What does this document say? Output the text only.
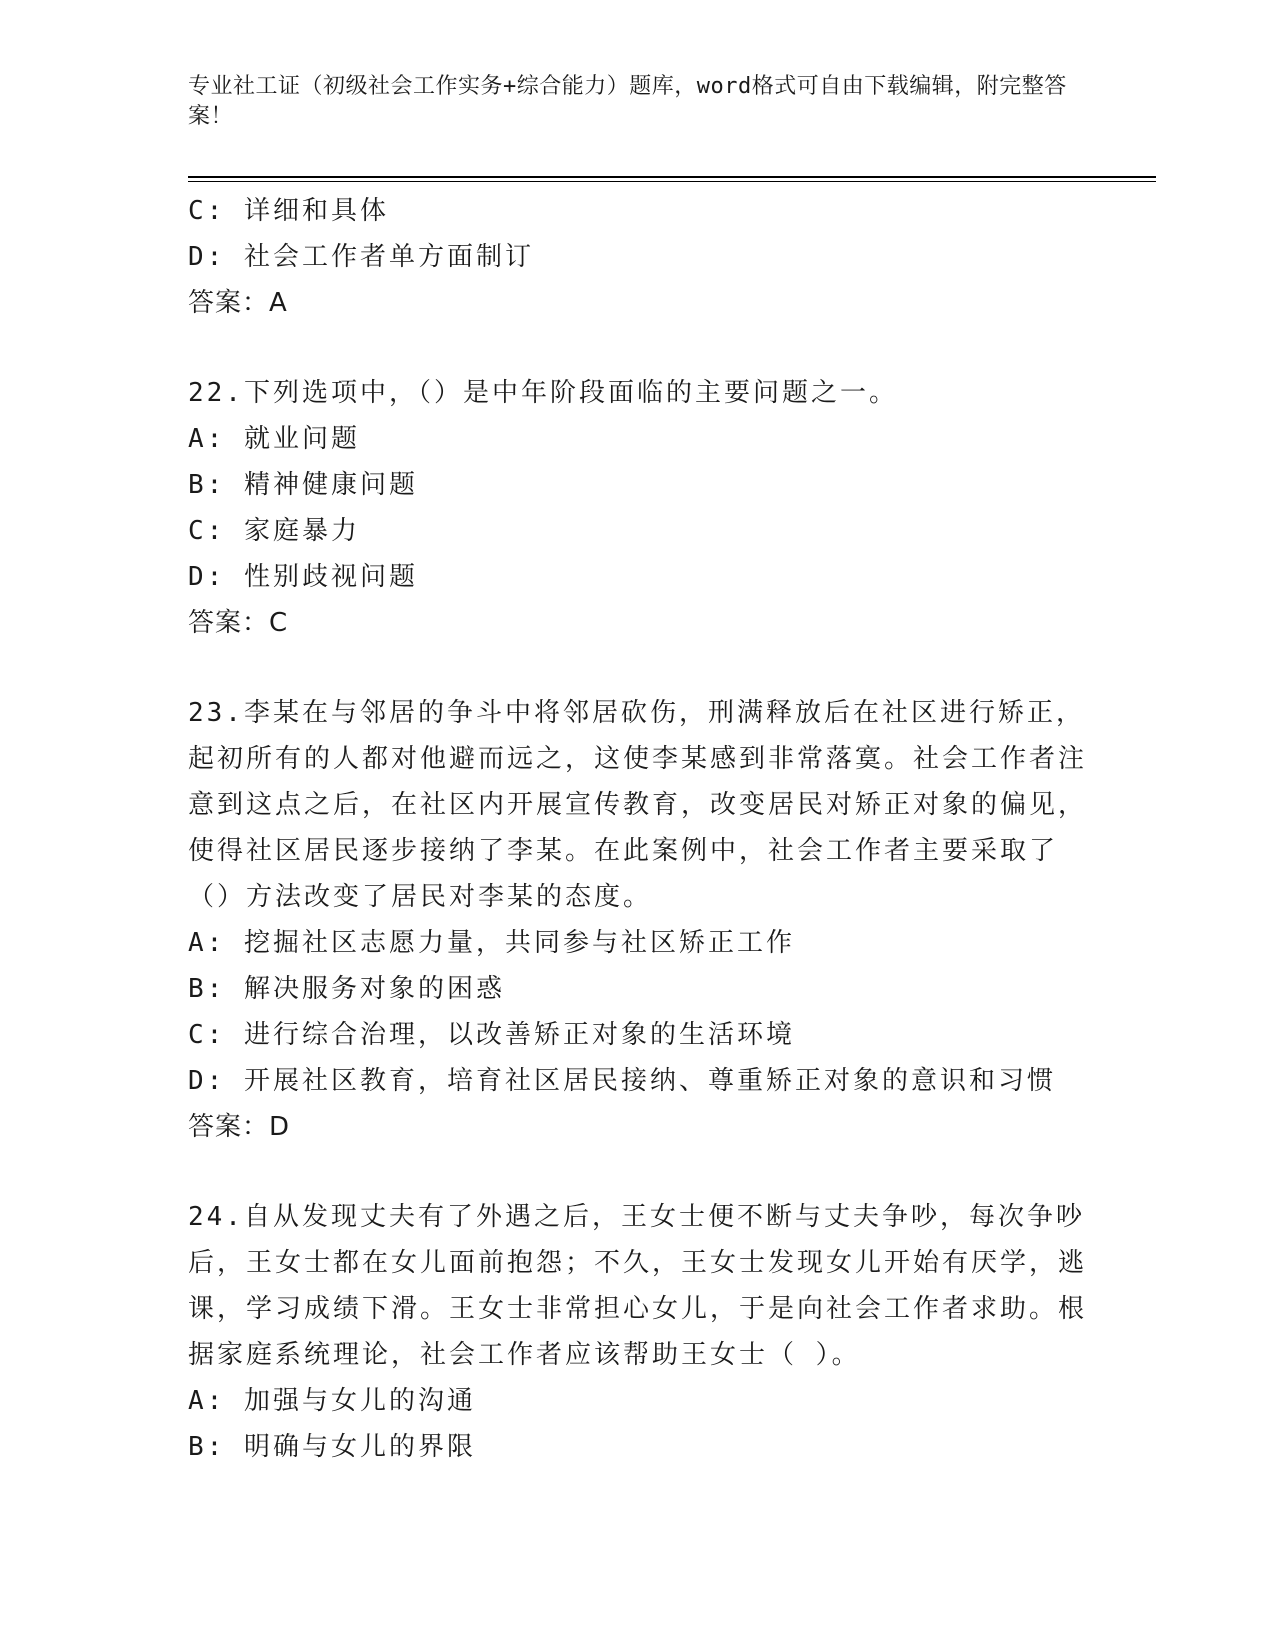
专业社工证（初级社会工作实务+综合能力）题库，word格式可自由下载编辑，附完整答案！
C: 详细和具体
D: 社会工作者单方面制订
答案：A
22.下列选项中，（）是中年阶段面临的主要问题之一。
A: 就业问题
B: 精神健康问题
C: 家庭暴力
D: 性别歧视问题
答案：C
23.李某在与邻居的争斗中将邻居砍伤，刑满释放后在社区进行矫正，起初所有的人都对他避而远之，这使李某感到非常落寞。社会工作者注意到这点之后，在社区内开展宣传教育，改变居民对矫正对象的偏见，使得社区居民逐步接纳了李某。在此案例中，社会工作者主要采取了（）方法改变了居民对李某的态度。
A: 挖掘社区志愿力量，共同参与社区矫正工作
B: 解决服务对象的困惑
C: 进行综合治理，以改善矫正对象的生活环境
D: 开展社区教育，培育社区居民接纳、尊重矫正对象的意识和习惯
答案：D
24.自从发现丈夫有了外遇之后，王女士便不断与丈夫争吵，每次争吵后，王女士都在女儿面前抱怨；不久，王女士发现女儿开始有厌学，逃课，学习成绩下滑。王女士非常担心女儿，于是向社会工作者求助。根据家庭系统理论，社会工作者应该帮助王女士（ ）。
A: 加强与女儿的沟通
B: 明确与女儿的界限
